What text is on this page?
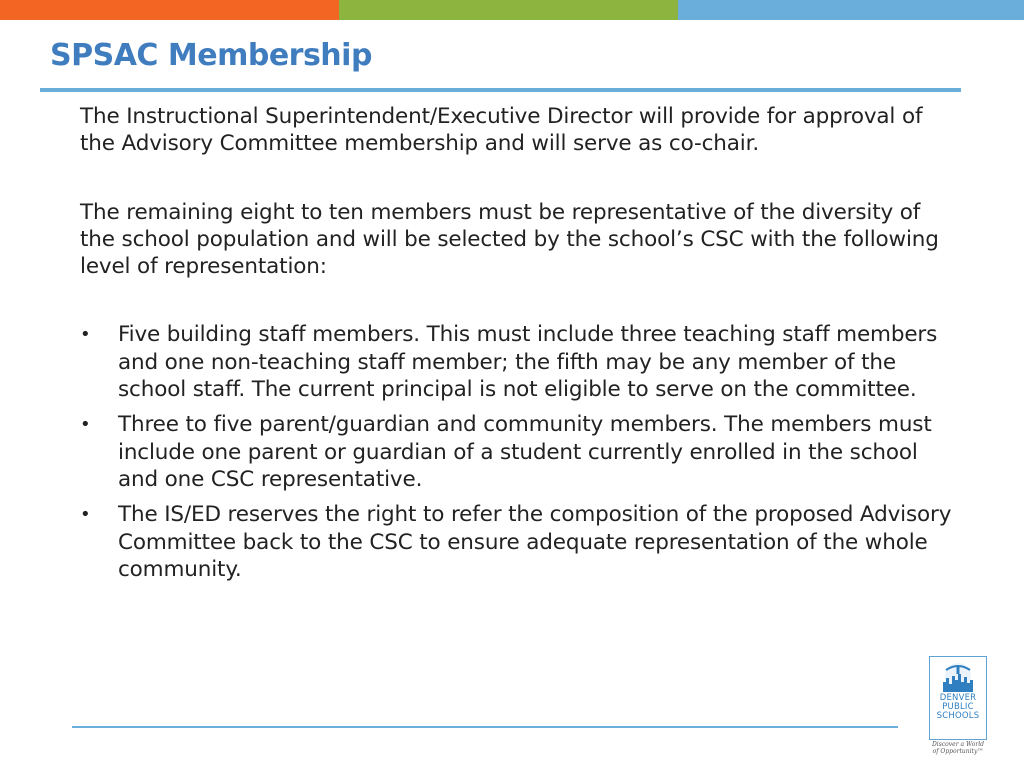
SPSAC Membership

The Instructional Superintendent/Executive Director will provide for approval of the Advisory Committee membership and will serve as co-chair.

The remaining eight to ten members must be representative of the diversity of the school population and will be selected by the school’s CSC with the following level of representation:

• Five building staff members. This must include three teaching staff members and one non-teaching staff member; the fifth may be any member of the school staff. The current principal is not eligible to serve on the committee.
• Three to five parent/guardian and community members. The members must include one parent or guardian of a student currently enrolled in the school and one CSC representative.
• The IS/ED reserves the right to refer the composition of the proposed Advisory Committee back to the CSC to ensure adequate representation of the whole community.
DENVER
PUBLIC
SCHOOLS
Discover a World
of Opportunity™
